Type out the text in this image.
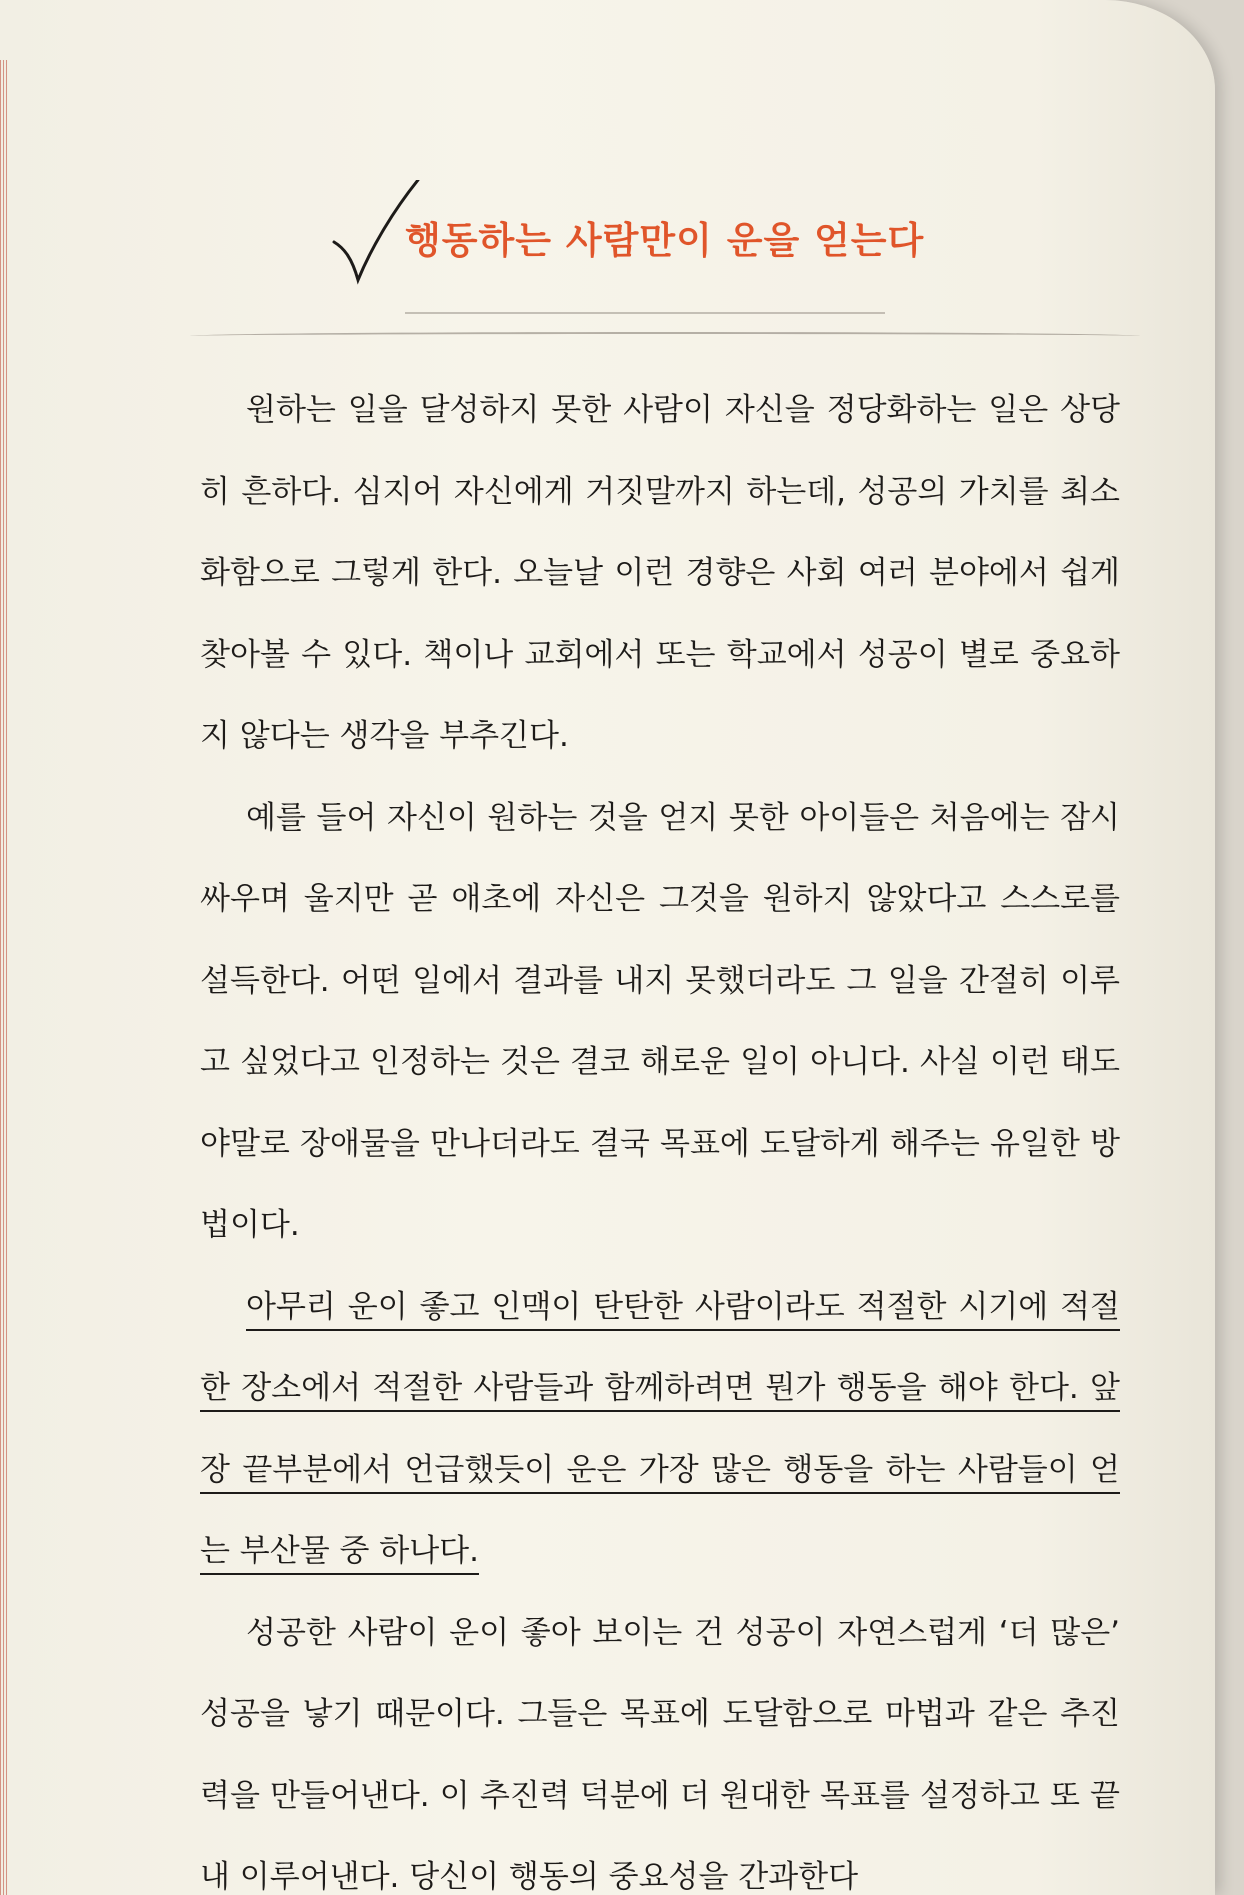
행동하는 사람만이 운을 얻는다

원하는 일을 달성하지 못한 사람이 자신을 정당화하는 일은 상당히 흔하다. 심지어 자신에게 거짓말까지 하는데, 성공의 가치를 최소화함으로 그렇게 한다. 오늘날 이런 경향은 사회 여러 분야에서 쉽게 찾아볼 수 있다. 책이나 교회에서 또는 학교에서 성공이 별로 중요하지 않다는 생각을 부추긴다.

예를 들어 자신이 원하는 것을 얻지 못한 아이들은 처음에는 잠시 싸우며 울지만 곧 애초에 자신은 그것을 원하지 않았다고 스스로를 설득한다. 어떤 일에서 결과를 내지 못했더라도 그 일을 간절히 이루고 싶었다고 인정하는 것은 결코 해로운 일이 아니다. 사실 이런 태도야말로 장애물을 만나더라도 결국 목표에 도달하게 해주는 유일한 방법이다.

아무리 운이 좋고 인맥이 탄탄한 사람이라도 적절한 시기에 적절한 장소에서 적절한 사람들과 함께하려면 뭔가 행동을 해야 한다. 앞장 끝부분에서 언급했듯이 운은 가장 많은 행동을 하는 사람들이 얻는 부산물 중 하나다.

성공한 사람이 운이 좋아 보이는 건 성공이 자연스럽게 ‘더 많은’ 성공을 낳기 때문이다. 그들은 목표에 도달함으로 마법과 같은 추진력을 만들어낸다. 이 추진력 덕분에 더 원대한 목표를 설정하고 또 끝내 이루어낸다. 당신이 행동의 중요성을 간과한다
